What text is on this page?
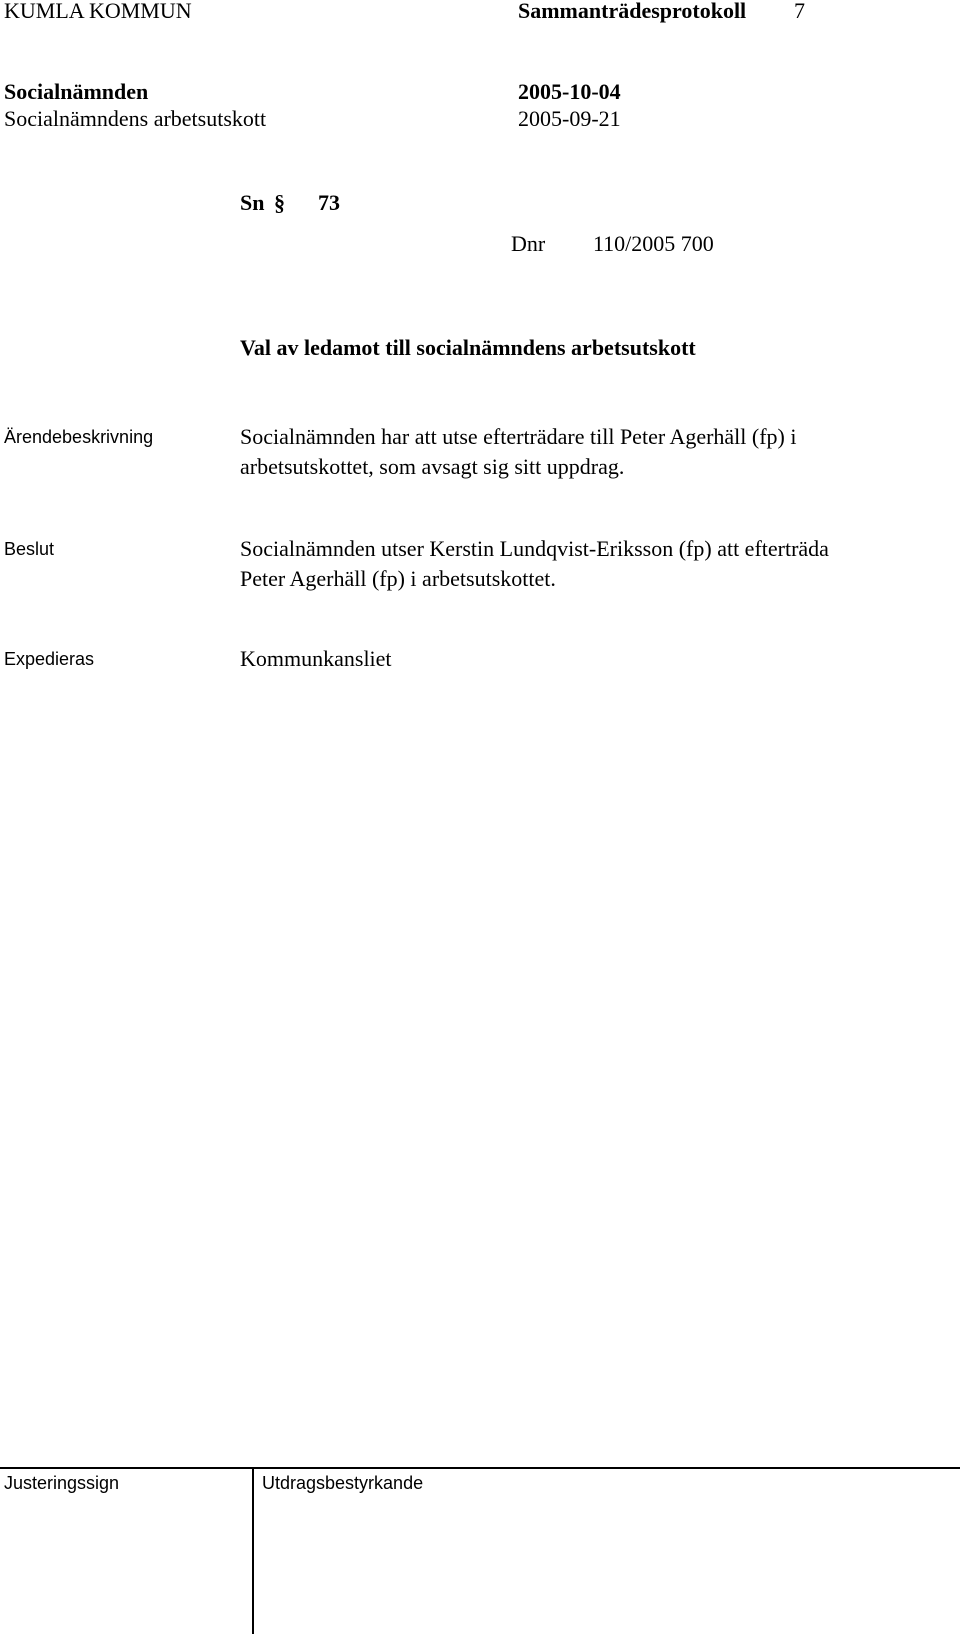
KUMLA KOMMUN	Sammanträdesprotokoll 7
Socialnämnden	2005-10-04
Socialnämndens arbetsutskott	2005-09-21
Sn § 73
Dnr 110/2005 700
Val av ledamot till socialnämndens arbetsutskott
Ärendebeskrivning	Socialnämnden har att utse efterträdare till Peter Agerhäll (fp) i

arbetsutskottet, som avsagt sig sitt uppdrag.

Beslut	Socialnämnden utser Kerstin Lundqvist-Eriksson (fp) att efterträda

Peter Agerhäll (fp) i arbetsutskottet.

Expedieras	Kommunkansliet
Justeringssign	Utdragsbestyrkande
